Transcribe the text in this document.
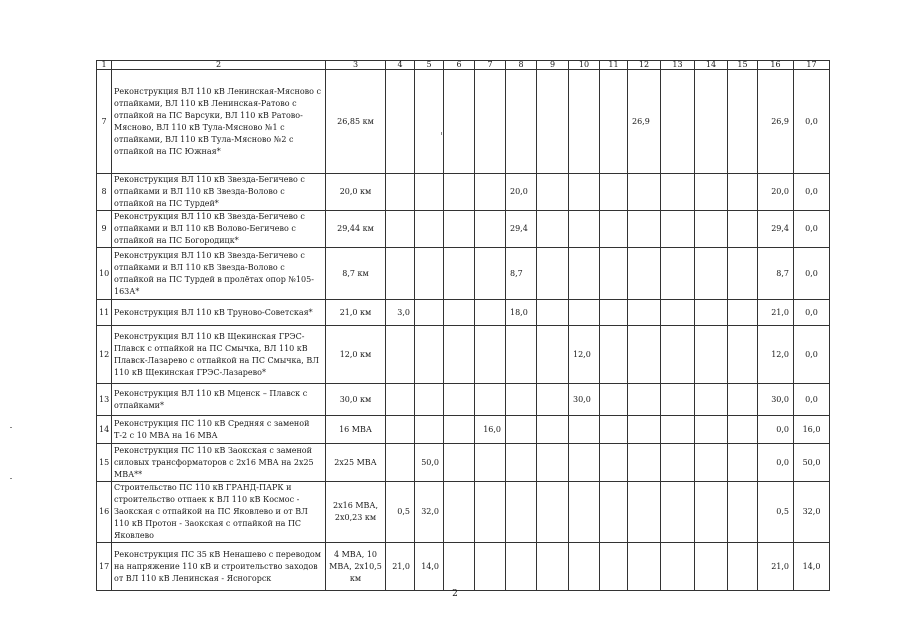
1	2	3	4	5	6	7	8	9	10	11	12	13	14	15	16	17
7	Реконструкция ВЛ 110 кВ Ленинская-Мясново с отпайками, ВЛ 110 кВ Ленинская-Ратово с отпайкой на ПС Варсуки, ВЛ 110 кВ Ратово-Мясново, ВЛ 110 кВ Тула-Мясново №1 с отпайками, ВЛ 110 кВ Тула-Мясново №2 с отпайкой на ПС Южная*	26,85 км									26,9				26,9	0,0
8	Реконструкция ВЛ 110 кВ Звезда-Бегичево с отпайками и ВЛ 110 кВ Звезда-Волово с отпайкой на ПС Турдей*	20,0 км					20,0								20,0	0,0
9	Реконструкция ВЛ 110 кВ Звезда-Бегичево с отпайками и ВЛ 110 кВ Волово-Бегичево с отпайкой на ПС Богородицк*	29,44 км					29,4								29,4	0,0
10	Реконструкция ВЛ 110 кВ Звезда-Бегичево с отпайками и ВЛ 110 кВ Звезда-Волово с отпайкой на ПС Турдей в пролётах опор №105-163А*	8,7 км					8,7								8,7	0,0
11	Реконструкция ВЛ 110 кВ Труново-Советская*	21,0 км	3,0				18,0								21,0	0,0
12	Реконструкция ВЛ 110 кВ Щекинская ГРЭС-Плавск с отпайкой на ПС Смычка, ВЛ 110 кВ Плавск-Лазарево с отпайкой на ПС Смычка, ВЛ 110 кВ Щекинская ГРЭС-Лазарево*	12,0 км							12,0						12,0	0,0
13	Реконструкция ВЛ 110 кВ Мценск – Плавск с отпайками*	30,0 км							30,0						30,0	0,0
14	Реконструкция ПС 110 кВ Средняя с заменой Т-2 с 10 МВА на 16 МВА	16 МВА				16,0									0,0	16,0
15	Реконструкция ПС 110 кВ Заокская с заменой силовых трансформаторов с 2х16 МВА на 2х25 МВА**	2х25 МВА		50,0											0,0	50,0
16	Строительство ПС 110 кВ ГРАНД-ПАРК и строительство отпаек к ВЛ 110 кВ Космос - Заокская с отпайкой на ПС Яковлево и от ВЛ 110 кВ Протон - Заокская с отпайкой на ПС Яковлево	2х16 МВА, 2х0,23 км	0,5	32,0											0,5	32,0
17	Реконструкция ПС 35 кВ Ненашево с переводом на напряжение 110 кВ и строительство заходов от ВЛ 110 кВ Ленинская - Ясногорск	4 МВА, 10 МВА, 2х10,5 км	21,0	14,0											21,0	14,0
2
